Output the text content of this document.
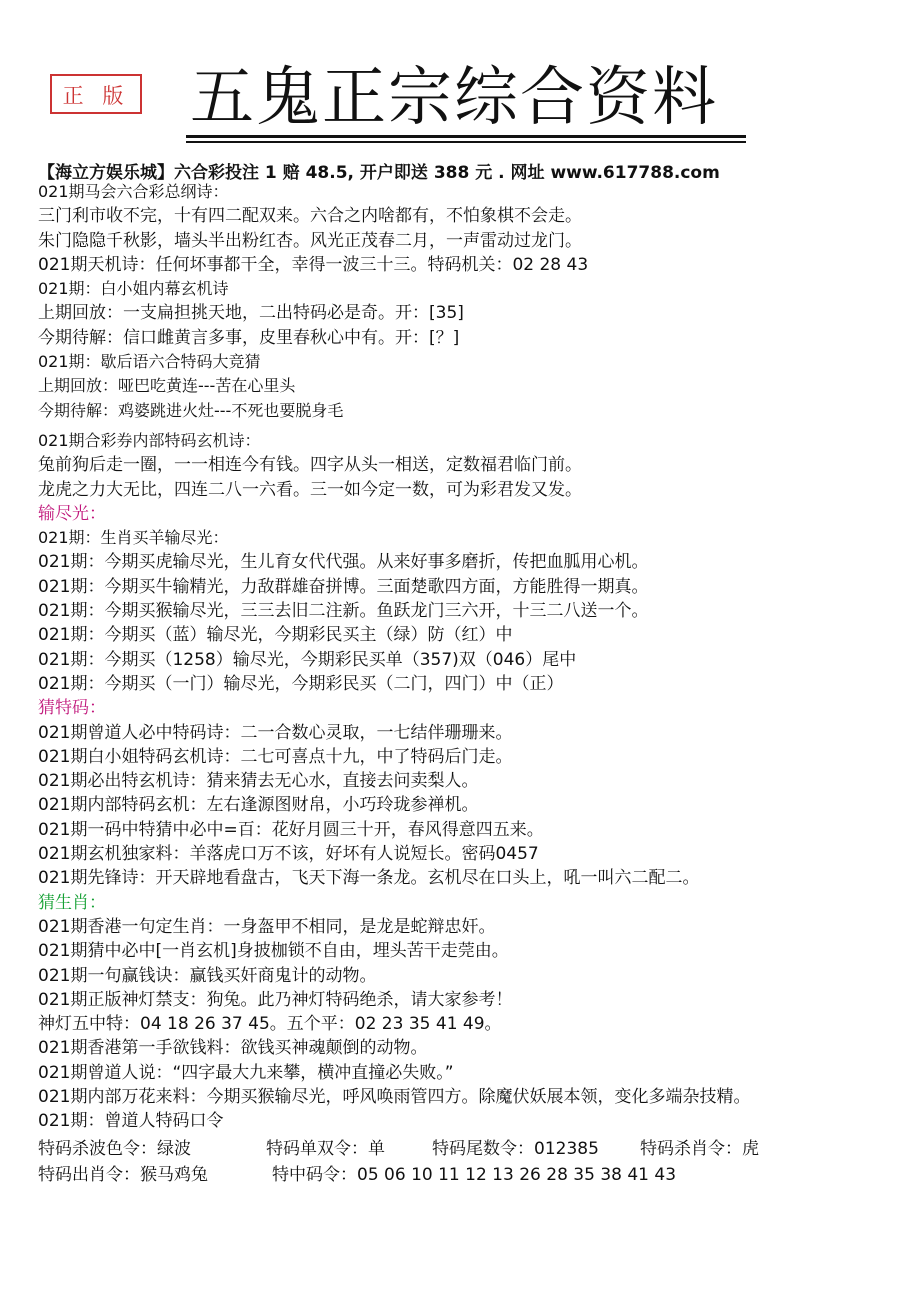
正 版 五鬼正宗综合资料
【海立方娱乐城】六合彩投注 1 赔 48.5, 开户即送 388 元 . 网址 www.617788.com
021期马会六合彩总纲诗：
三门利市收不完，十有四二配双来。六合之内啥都有，不怕象棋不会走。
朱门隐隐千秋影，墙头半出粉红杏。风光正茂春二月，一声雷动过龙门。
021期天机诗：任何坏事都干全，幸得一波三十三。特码机关：02 28 43
021期：白小姐内幕玄机诗
上期回放：一支扁担挑天地，二出特码必是奇。开：[35]
今期待解：信口雌黄言多事，皮里春秋心中有。开：[？]
021期：歇后语六合特码大竞猜
上期回放：哑巴吃黄连---苦在心里头
今期待解：鸡婆跳进火灶---不死也要脱身毛
021期合彩券内部特码玄机诗：
兔前狗后走一圈，一一相连今有钱。四字从头一相送，定数福君临门前。
龙虎之力大无比，四连二八一六看。三一如今定一数，可为彩君发又发。
输尽光：
021期：生肖买羊输尽光：
021期：今期买虎输尽光，生儿育女代代强。从来好事多磨折，传把血胍用心机。
021期：今期买牛输精光，力敌群雄奋拼博。三面楚歌四方面，方能胜得一期真。
021期：今期买猴输尽光，三三去旧二注新。鱼跃龙门三六开，十三二八送一个。
021期：今期买（蓝）输尽光，今期彩民买主（绿）防（红）中
021期：今期买（1258）输尽光，今期彩民买单（357)双（046）尾中
021期：今期买（一门）输尽光，今期彩民买（二门，四门）中（正）
猜特码：
021期曾道人必中特码诗：二一合数心灵取，一七结伴珊珊来。
021期白小姐特码玄机诗：二七可喜点十九，中了特码后门走。
021期必出特玄机诗：猜来猜去无心水，直接去问卖梨人。
021期内部特码玄机：左右逢源图财帛，小巧玲珑参禅机。
021期一码中特猜中必中=百：花好月圆三十开，春风得意四五来。
021期玄机独家料：羊落虎口万不该，好坏有人说短长。密码0457
021期先锋诗：开天辟地看盘古，飞天下海一条龙。玄机尽在口头上，吼一叫六二配二。
猜生肖：
021期香港一句定生肖：一身盔甲不相同，是龙是蛇辩忠奸。
021期猜中必中[一肖玄机]身披枷锁不自由，埋头苦干走莞由。
021期一句赢钱诀：赢钱买奸商鬼计的动物。
021期正版神灯禁支：狗兔。此乃神灯特码绝杀，请大家参考！
神灯五中特：04 18 26 37 45。五个平：02 23 35 41 49。
021期香港第一手欲钱料：欲钱买神魂颠倒的动物。
021期曾道人说：“四字最大九来攀，横冲直撞必失败。”
021期内部万花来料：今期买猴输尽光，呼风唤雨管四方。除魔伏妖展本领，变化多端杂技精。
021期：曾道人特码口令
特码杀波色令：绿波	特码单双令：单	特码尾数令：012385	特码杀肖令：虎
特码出肖令：猴马鸡兔	特中码令：05 06 10 11 12 13 26 28 35 38 41 43
